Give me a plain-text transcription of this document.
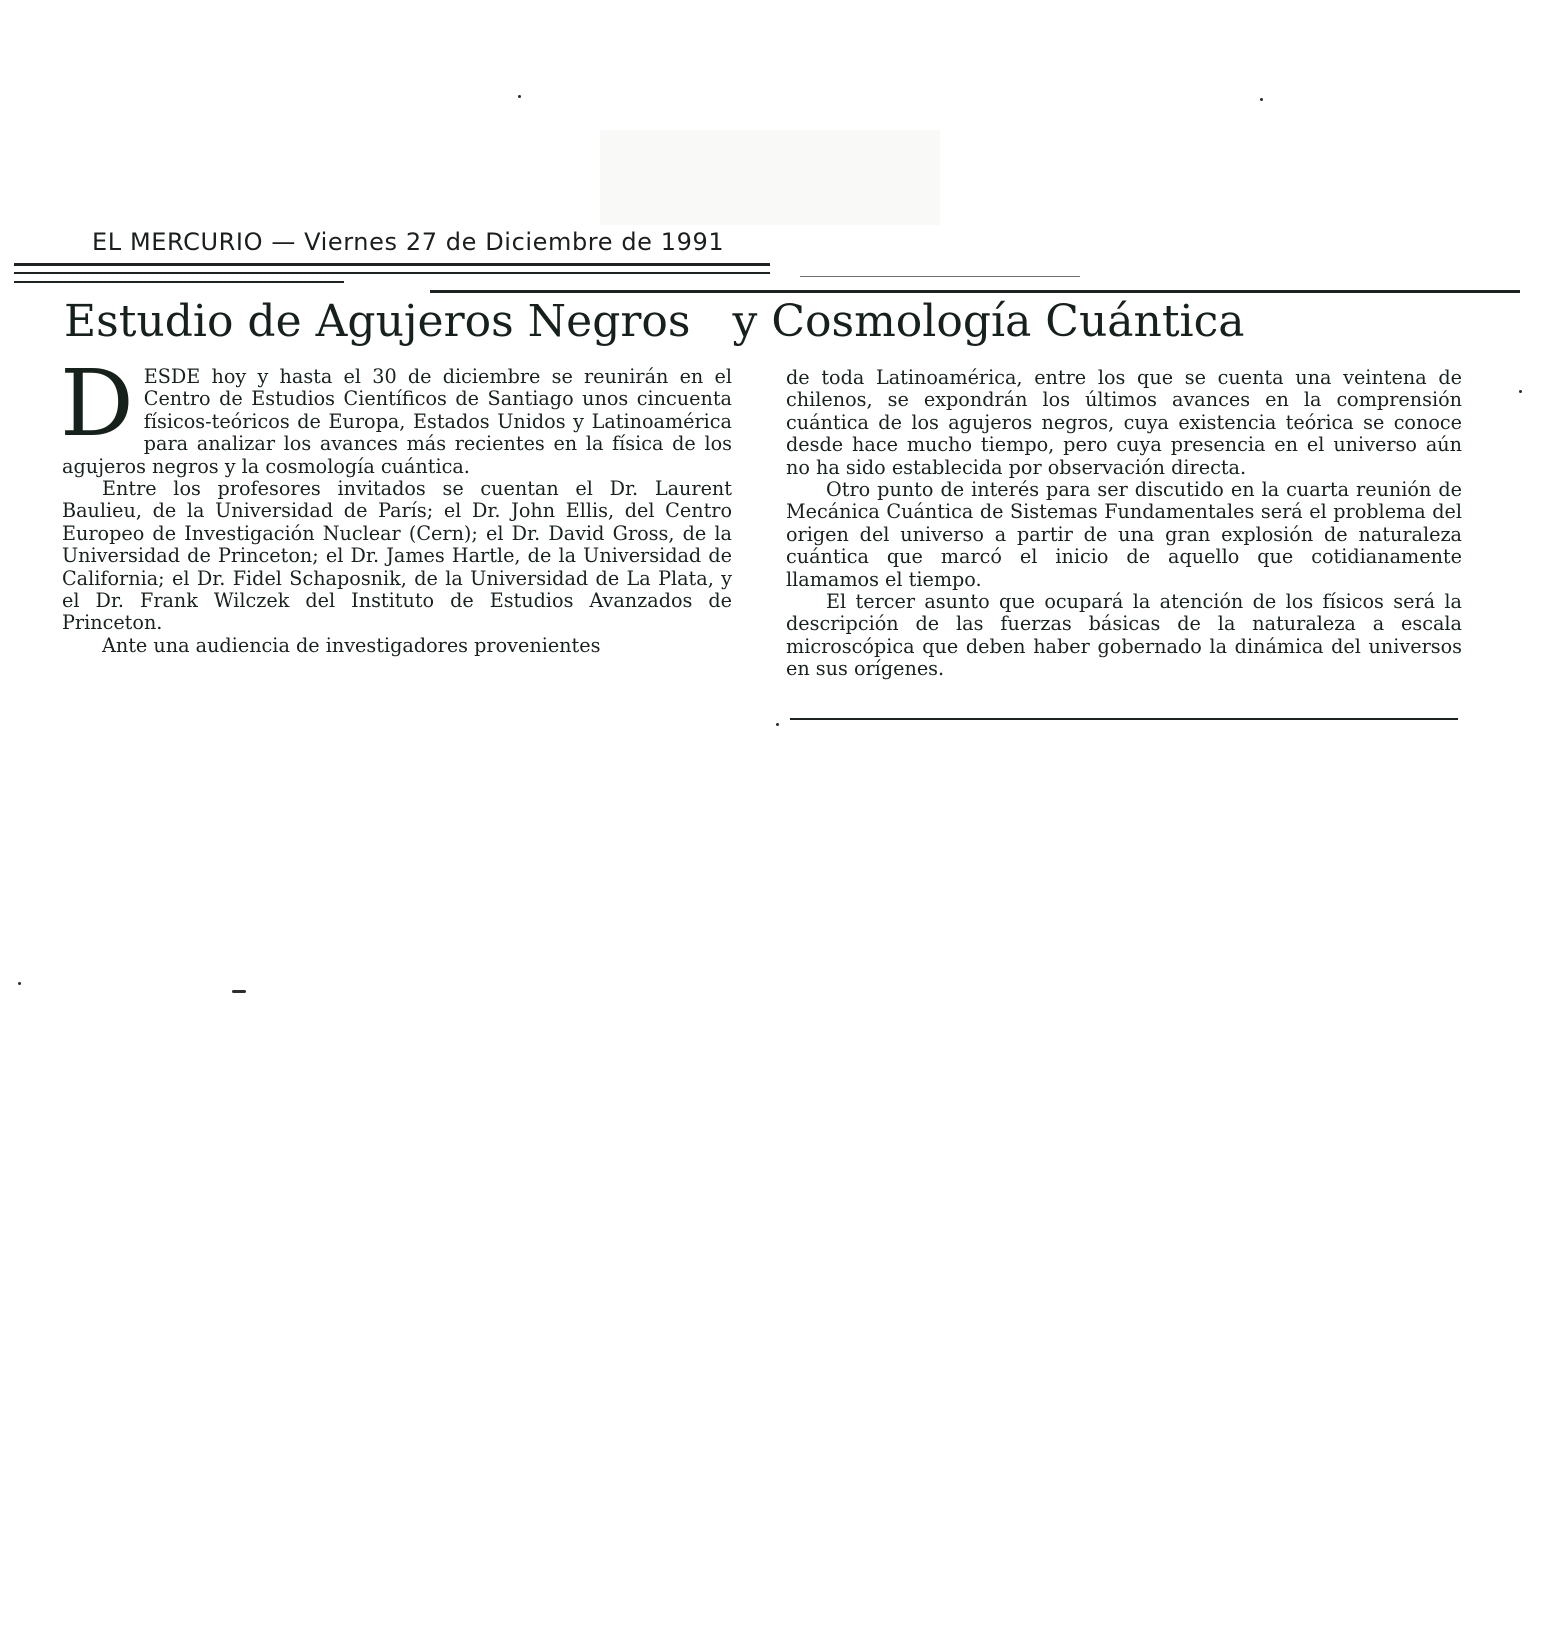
EL MERCURIO — Viernes 27 de Diciembre de 1991
Estudio de Agujeros Negros y Cosmología Cuántica

DESDE hoy y hasta el 30 de diciembre se reunirán en el Centro de Estudios Científicos de Santiago unos cincuenta físicos-teóricos de Europa, Estados Unidos y Latinoamérica para analizar los avances más recientes en la física de los agujeros negros y la cosmología cuántica.

Entre los profesores invitados se cuentan el Dr. Laurent Baulieu, de la Universidad de París; el Dr. John Ellis, del Centro Europeo de Investigación Nuclear (Cern); el Dr. David Gross, de la Universidad de Princeton; el Dr. James Hartle, de la Universidad de California; el Dr. Fidel Schaposnik, de la Universidad de La Plata, y el Dr. Frank Wilczek del Instituto de Estudios Avanzados de Princeton.

Ante una audiencia de investigadores provenientes

de toda Latinoamérica, entre los que se cuenta una veintena de chilenos, se expondrán los últimos avances en la comprensión cuántica de los agujeros negros, cuya existencia teórica se conoce desde hace mucho tiempo, pero cuya presencia en el universo aún no ha sido establecida por observación directa.

Otro punto de interés para ser discutido en la cuarta reunión de Mecánica Cuántica de Sistemas Fundamentales será el problema del origen del universo a partir de una gran explosión de naturaleza cuántica que marcó el inicio de aquello que cotidianamente llamamos el tiempo.

El tercer asunto que ocupará la atención de los físicos será la descripción de las fuerzas básicas de la naturaleza a escala microscópica que deben haber gobernado la dinámica del universos en sus orígenes.
